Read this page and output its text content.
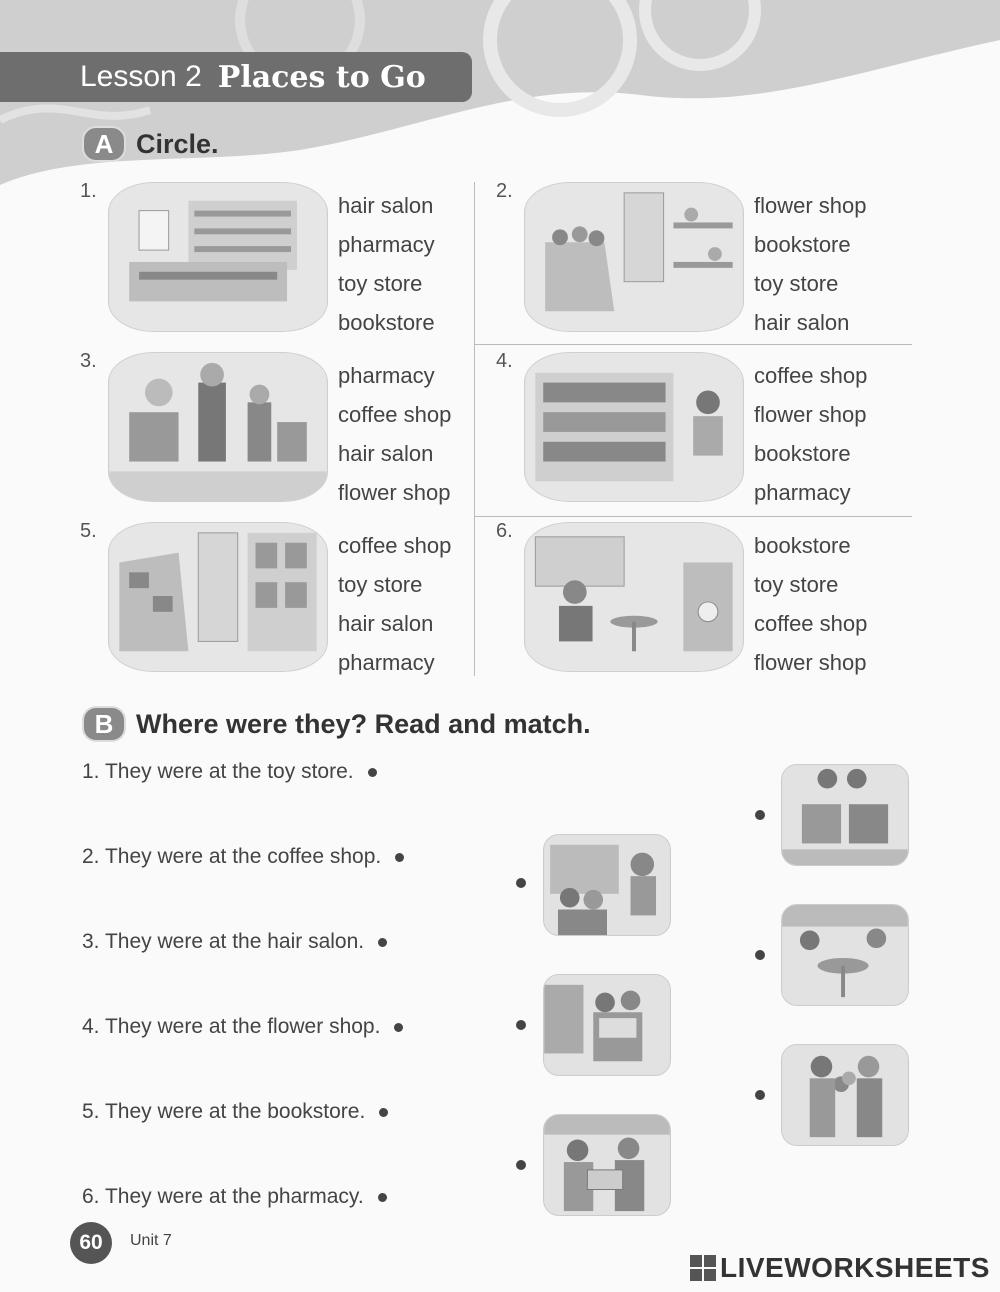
Lesson 2 Places to Go
A Circle.
1.
hair salon
pharmacy
toy store
bookstore
2.
flower shop
bookstore
toy store
hair salon
3.
pharmacy
coffee shop
hair salon
flower shop
4.
coffee shop
flower shop
bookstore
pharmacy
5.
coffee shop
toy store
hair salon
pharmacy
6.
bookstore
toy store
coffee shop
flower shop
B Where were they? Read and match.
1. They were at the toy store.
2. They were at the coffee shop.
3. They were at the hair salon.
4. They were at the flower shop.
5. They were at the bookstore.
6. They were at the pharmacy.
60	Unit 7
LIVEWORKSHEETS
